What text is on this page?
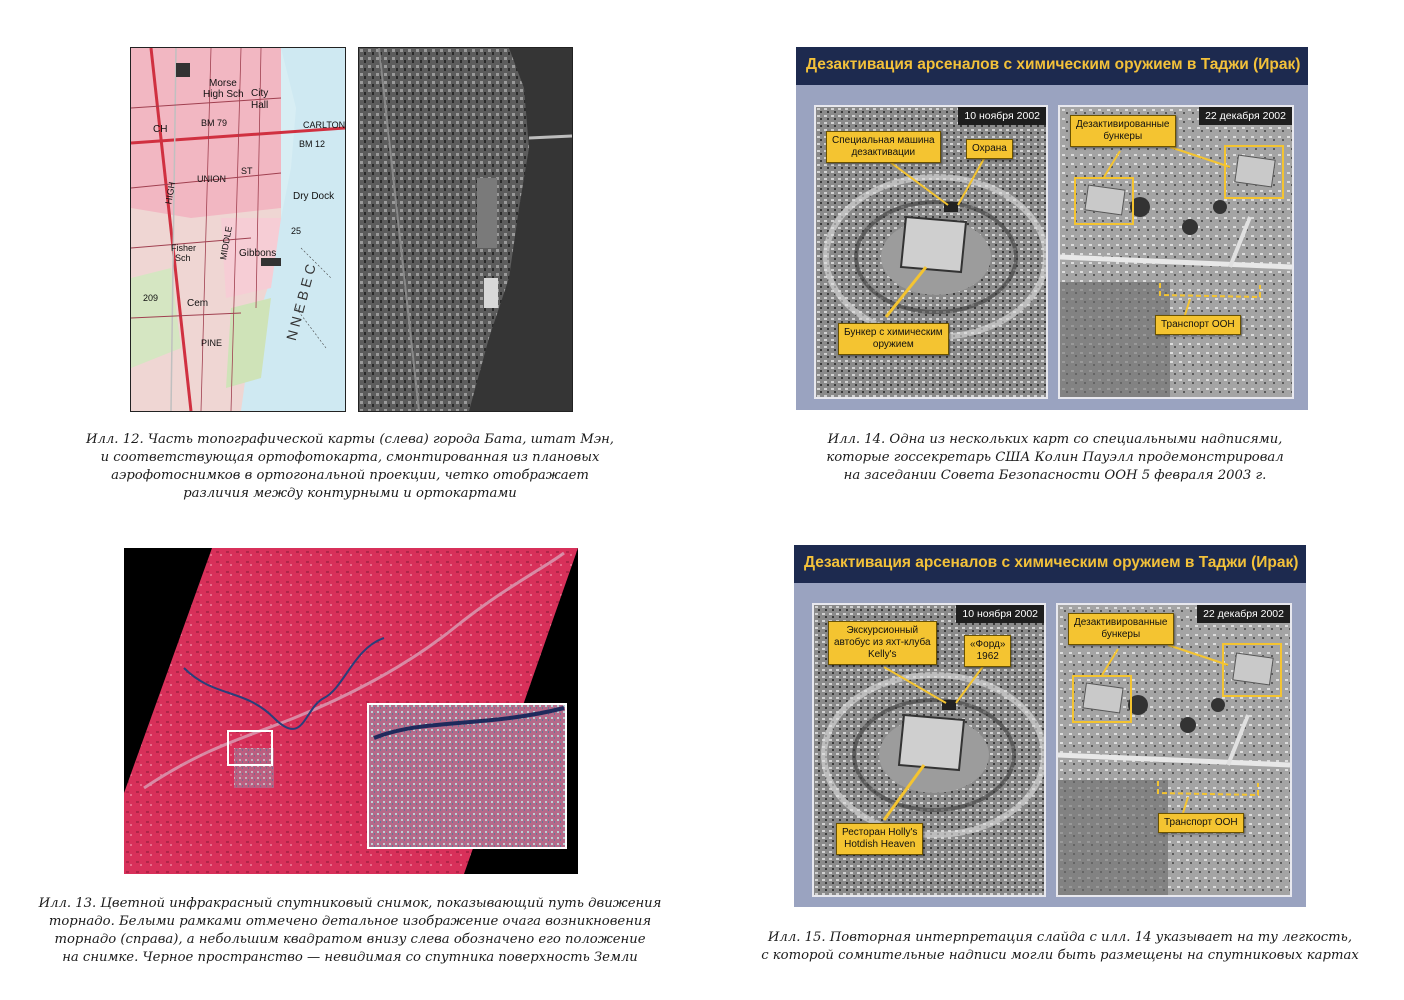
Morse
High Sch City
Hall
CARLTON
BM 79
CH
BM 12
UNION
ST
HIGH	Dry Dock
Fisher
Sch	MIDDLE Gibbons
25
209	Cem
PINE
NNEBEC
Илл. 12. Часть топографической карты (слева) города Бата, штат Мэн,
и соответствующая ортофотокарта, смонтированная из плановых
аэрофотоснимков в ортогональной проекции, четко отображает
различия между контурными и ортокартами
Илл. 13. Цветной инфракрасный спутниковый снимок, показывающий путь движения
торнадо. Белыми рамками отмечено детальное изображение очага возникновения
торнадо (справа), а небольшим квадратом внизу слева обозначено его положение
на снимке. Черное пространство — невидимая со спутника поверхность Земли
Дезактивация арсеналов с химическим оружием в Таджи (Ирак)
10 ноября 2002
Специальная машина
дезактивации	Охрана
Бункер с химическим
оружием
22 декабря 2002
Дезактивированные
бункеры
Транспорт ООН
Илл. 14. Одна из нескольких карт со специальными надписями,
которые госсекретарь США Колин Пауэлл продемонстрировал
на заседании Совета Безопасности ООН 5 февраля 2003 г.
Дезактивация арсеналов с химическим оружием в Таджи (Ирак)
10 ноября 2002
Экскурсионный
автобус из яхт-клуба
Kelly's
«Форд»
1962
Ресторан Holly's
Hotdish Heaven
22 декабря 2002
Дезактивированные
бункеры
Транспорт ООН
Илл. 15. Повторная интерпретация слайда с илл. 14 указывает на ту легкость,
с которой сомнительные надписи могли быть размещены на спутниковых картах
